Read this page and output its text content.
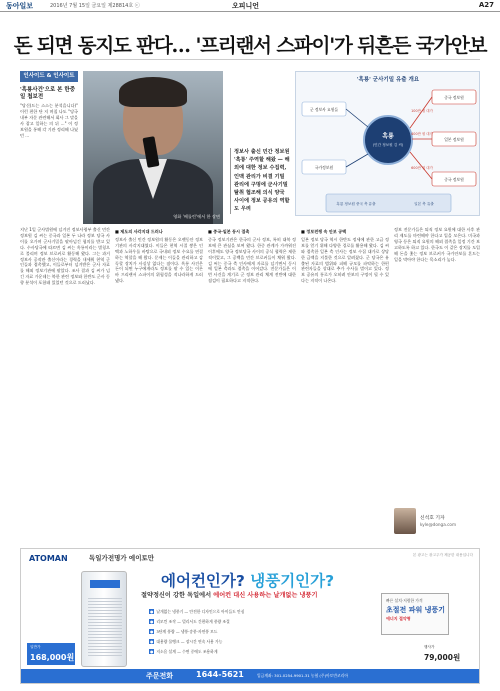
동아일보	2016년 7월 15일 금요일 제28814호 ⓒ	오피니언	A27
돈 되면 동지도 판다… '프리랜서 스파이'가 뒤흔든 국가안보
인사이드 & 인사이트
'흑룡사건'으로 본 한중일 첩보전
"당신(드는 스스는 분석읍니다)" 이런 편한 단 저 며칠 나도 "당국 내부 자문 관련해서 회사 그 말을 사 잡고 일하는 의 뒤 ..." 이 정보원을 통해 각 기관 정리해 나눴던 ...
영화 '베를린'에서 한 장면
정보사 출신 민간 정보원 '흑룡' 주역할 해왔 — 해외에 대한 정보 수집력, 인맥 관리가 비결 기밀 관리에 구멍에 군사기밀 탈취 협조해 의식 양국 사이에 정보 공유의 역할도 우려
'흑룡' 군사기밀 유출 개요
흑룡
(민간 정보원 김 씨)
군 정보사 요원들
국가정보원
중국 정보원
일본 정보원
중국 정보원
100만 원 대가
400만 원 대가
600만 원 대가
흑룡 정보원 중국 측 유출	일본 측 유출
지난 1일 군사법원에 넘겨진 정보사령부 출신 민간 정보원 김 씨는 중국과 일본 두 나라 정보 당국 사이를 오가며 군사기밀을 팔아넘긴 혐의를 받고 있다. 수사당국에 따르면 김 씨는 흑룡이라는 별칭으로 불리며 정보 브로커로 활동해 왔다. 그는 과거 정보사 공작관 출신이라는 경력을 내세워 현역 군인들과 접촉했고, 이들로부터 넘겨받은 군사 자료를 해외 정보기관에 팔았다. 조사 결과 김 씨가 넘긴 자료 가운데는 북한 관련 정보와 한반도 군사 동향 분석이 포함돼 있었던 것으로 드러났다.
■ 제도의 사각지대 드러나
정보사 출신 민간 정보원의 활동은 오랫동안 정보기관의 사각지대였다. 이들은 현역 시절 쌓은 인맥과 노하우를 바탕으로 국내외 정보 수요를 연결하는 역할을 해 왔다. 문제는 이들을 관리하고 감독할 장치가 사실상 없다는 점이다. 흑룡 사건은 돈이 되면 누구에게라도 정보를 팔 수 있는 이른바 프리랜서 스파이의 위험성을 적나라하게 드러냈다.
■ 중국·일본 동시 접촉
중국 정보기관은 한국의 군사 정보, 특히 대북 정보에 큰 관심을 보여 왔다. 한중 관계가 가까워진 이후에도 양국 정보당국 사이의 공식 협력은 제한적이었고, 그 공백을 민간 브로커들이 채워 왔다. 김 씨는 중국 측 인사에게 자료를 넘기면서 동시에 일본 측과도 접촉을 이어갔다. 전문가들은 이번 사건을 계기로 군 정보 관리 체계 전반에 대한 점검이 필요하다고 지적한다.
■ 정보전쟁 속 안보 공백
일본 정보 당국 역시 한반도 정세에 관한 고급 정보를 얻기 위해 다양한 경로를 활용해 왔다. 김 씨와 접촉한 일본 측 인사는 정보 수집 대가로 상당한 금액을 지불한 것으로 알려졌다. 군 당국은 유출된 자료의 범위와 피해 규모를 파악하는 한편 관련자들을 상대로 추가 수사를 벌이고 있다. 정보 공유의 통로가 오히려 안보의 구멍이 될 수 있다는 지적이 나온다.
정보 전문가들은 퇴직 정보 요원에 대한 사후 관리 제도를 마련해야 한다고 입을 모은다. 미국과 영국 등은 퇴직 요원의 해외 접촉을 일정 기간 보고하도록 하고 있다. 한국도 이 같은 장치를 도입해 돈을 좇는 정보 브로커가 국가안보를 흔드는 일을 막아야 한다는 목소리가 높다.
신석호 기자
kyle@donga.com
ATOMAN	독일가전명가 에이토만	본 광고는 광고주가 제공한 내용입니다
에어컨인가? 냉풍기인가?
절약정신이 강한 독일에서 에어컨 대신 사용하는 날개없는 냉풍기
● 날개없는 냉풍기 — 안전한 디자인으로 아이들도 안심
● 리모컨 조작 — 멀리서도 간편하게 풍량 조절
● 3단계 풍량 — 냉풍·송풍·자연풍 모드
● 대용량 물탱크 — 장시간 연속 사용 가능
● 저소음 설계 — 수면 중에도 조용하게
빠른 설치·저렴한 가격
초절전 파워 냉풍기
에너지 절약형
일반가
168,000원
행사가
79,000원
주문전화	1644-5621	입금계좌: 301-0254-9901-31 농협 (주)아토만코리아
